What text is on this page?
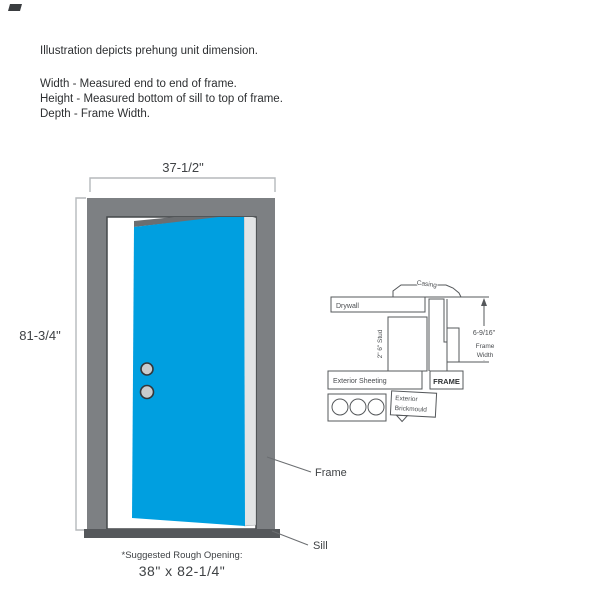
Illustration depicts prehung unit dimension.

Width - Measured end to end of frame.

Height - Measured bottom of sill to top of frame.

Depth - Frame Width.

37-1/2"
81-3/4"
Frame
Sill
*Suggested Rough Opening:
38" x 82-1/4"
Casing
Drywall
2" 6" Stud
Exterior Sheeting	FRAME
6-9/16"
Frame
Width
Exterior
Brickmould
